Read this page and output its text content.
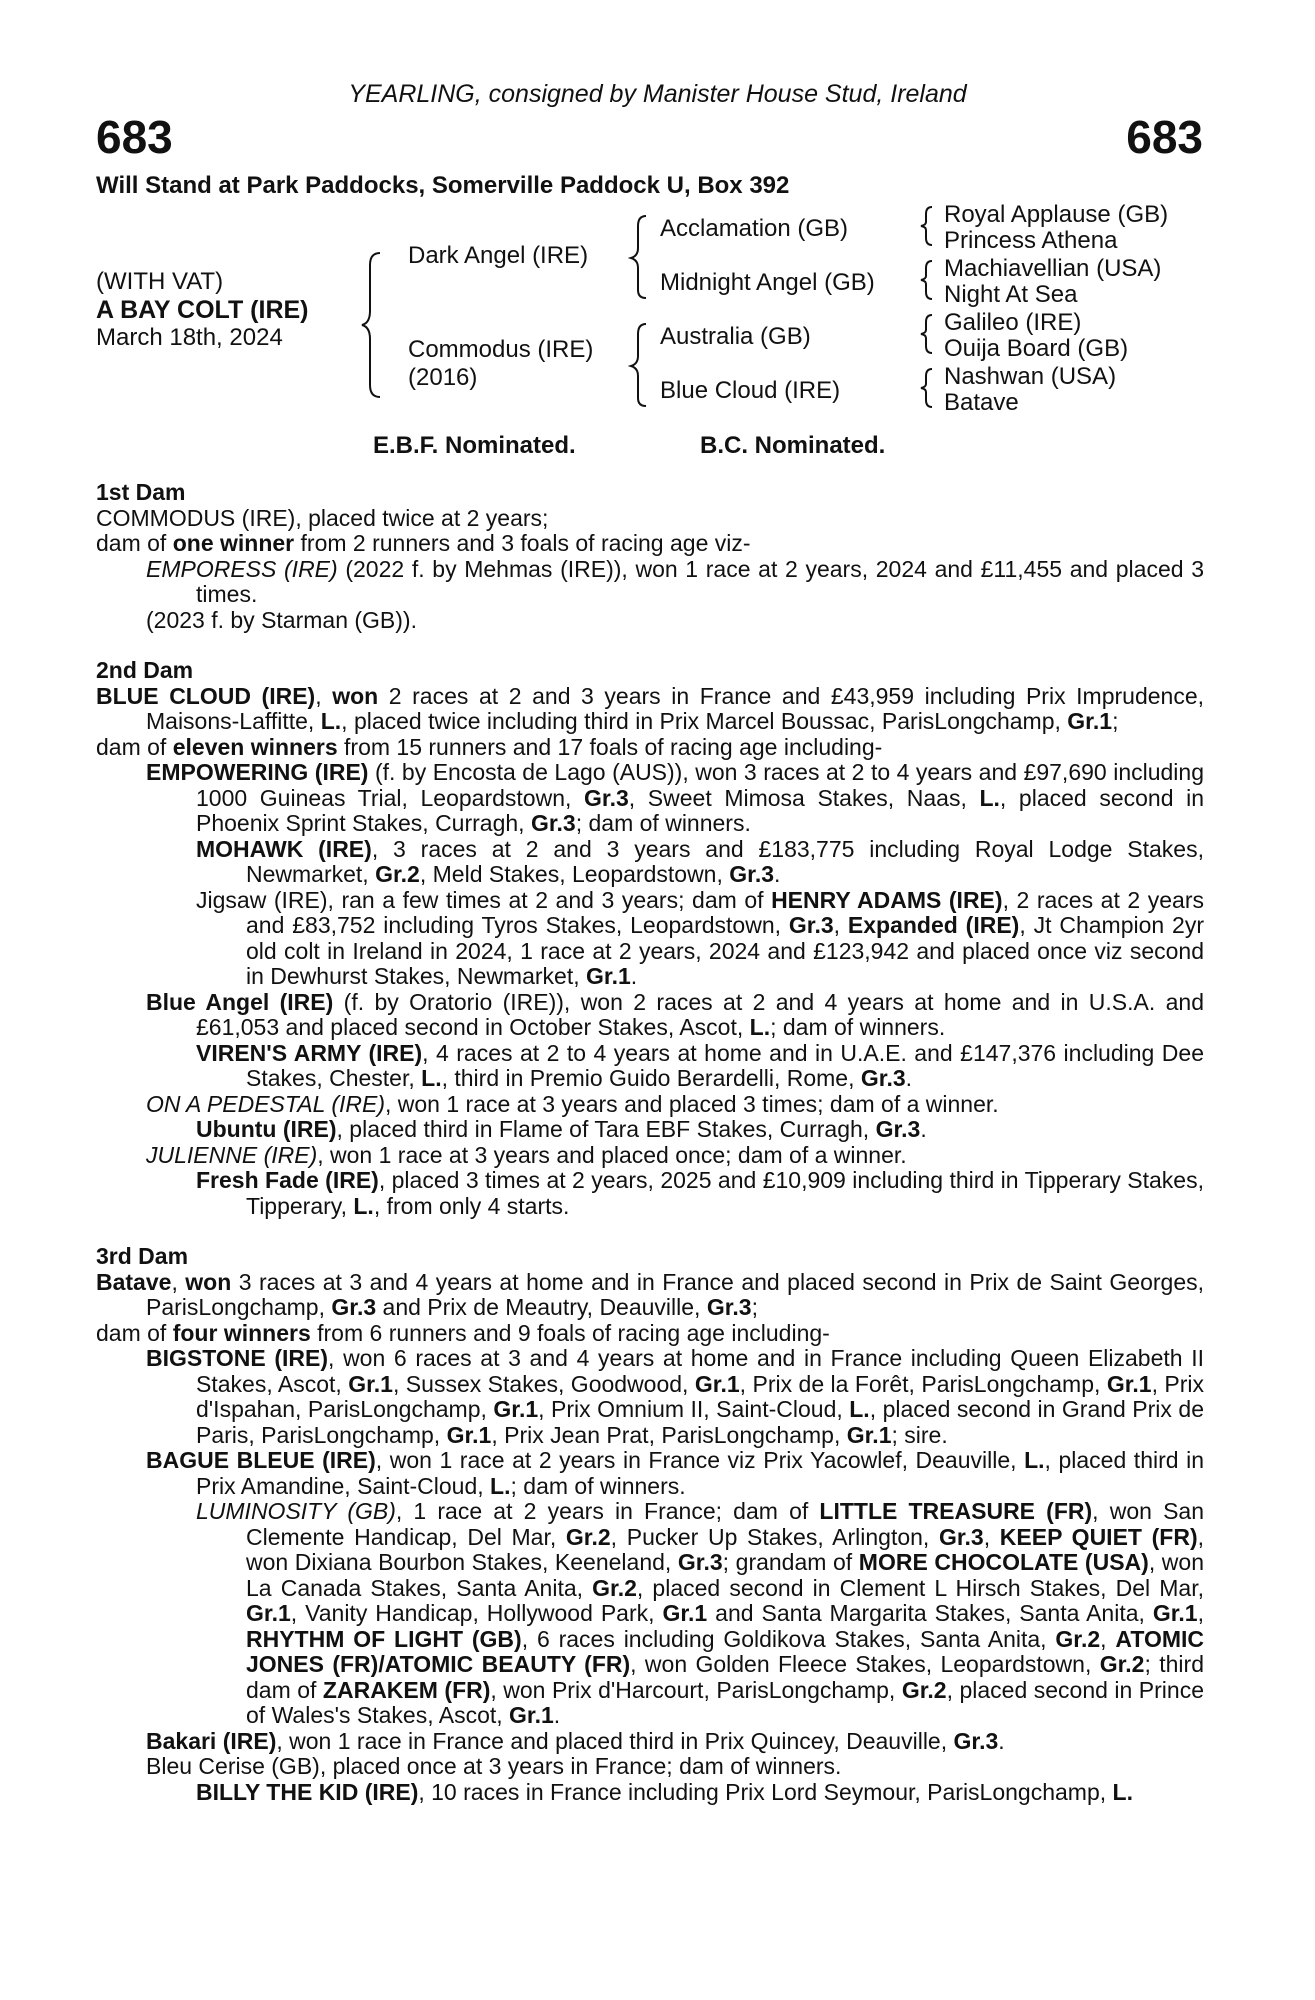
YEARLING, consigned by Manister House Stud, Ireland
683	683
Will Stand at Park Paddocks, Somerville Paddock U, Box 392
(WITH VAT)
A BAY COLT (IRE)
March 18th, 2024
Dark Angel (IRE)
Commodus (IRE)
(2016)
Acclamation (GB)
Midnight Angel (GB)
Australia (GB)
Blue Cloud (IRE)
Royal Applause (GB)
Princess Athena
Machiavellian (USA)
Night At Sea
Galileo (IRE)
Ouija Board (GB)
Nashwan (USA)
Batave
E.B.F. Nominated.	B.C. Nominated.
1st Dam
COMMODUS (IRE), placed twice at 2 years;
dam of one winner from 2 runners and 3 foals of racing age viz-
EMPORESS (IRE) (2022 f. by Mehmas (IRE)), won 1 race at 2 years, 2024 and £11,455 and placed 3 times.
(2023 f. by Starman (GB)).
2nd Dam
BLUE CLOUD (IRE), won 2 races at 2 and 3 years in France and £43,959 including Prix Imprudence, Maisons-Laffitte, L., placed twice including third in Prix Marcel Boussac, ParisLongchamp, Gr.1;
dam of eleven winners from 15 runners and 17 foals of racing age including-
EMPOWERING (IRE) (f. by Encosta de Lago (AUS)), won 3 races at 2 to 4 years and £97,690 including 1000 Guineas Trial, Leopardstown, Gr.3, Sweet Mimosa Stakes, Naas, L., placed second in Phoenix Sprint Stakes, Curragh, Gr.3; dam of winners.
MOHAWK (IRE), 3 races at 2 and 3 years and £183,775 including Royal Lodge Stakes, Newmarket, Gr.2, Meld Stakes, Leopardstown, Gr.3.
Jigsaw (IRE), ran a few times at 2 and 3 years; dam of HENRY ADAMS (IRE), 2 races at 2 years and £83,752 including Tyros Stakes, Leopardstown, Gr.3, Expanded (IRE), Jt Champion 2yr old colt in Ireland in 2024, 1 race at 2 years, 2024 and £123,942 and placed once viz second in Dewhurst Stakes, Newmarket, Gr.1.
Blue Angel (IRE) (f. by Oratorio (IRE)), won 2 races at 2 and 4 years at home and in U.S.A. and £61,053 and placed second in October Stakes, Ascot, L.; dam of winners.
VIREN'S ARMY (IRE), 4 races at 2 to 4 years at home and in U.A.E. and £147,376 including Dee Stakes, Chester, L., third in Premio Guido Berardelli, Rome, Gr.3.
ON A PEDESTAL (IRE), won 1 race at 3 years and placed 3 times; dam of a winner.
Ubuntu (IRE), placed third in Flame of Tara EBF Stakes, Curragh, Gr.3.
JULIENNE (IRE), won 1 race at 3 years and placed once; dam of a winner.
Fresh Fade (IRE), placed 3 times at 2 years, 2025 and £10,909 including third in Tipperary Stakes, Tipperary, L., from only 4 starts.
3rd Dam
Batave, won 3 races at 3 and 4 years at home and in France and placed second in Prix de Saint Georges, ParisLongchamp, Gr.3 and Prix de Meautry, Deauville, Gr.3;
dam of four winners from 6 runners and 9 foals of racing age including-
BIGSTONE (IRE), won 6 races at 3 and 4 years at home and in France including Queen Elizabeth II Stakes, Ascot, Gr.1, Sussex Stakes, Goodwood, Gr.1, Prix de la Forêt, ParisLongchamp, Gr.1, Prix d'Ispahan, ParisLongchamp, Gr.1, Prix Omnium II, Saint-Cloud, L., placed second in Grand Prix de Paris, ParisLongchamp, Gr.1, Prix Jean Prat, ParisLongchamp, Gr.1; sire.
BAGUE BLEUE (IRE), won 1 race at 2 years in France viz Prix Yacowlef, Deauville, L., placed third in Prix Amandine, Saint-Cloud, L.; dam of winners.
LUMINOSITY (GB), 1 race at 2 years in France; dam of LITTLE TREASURE (FR), won San Clemente Handicap, Del Mar, Gr.2, Pucker Up Stakes, Arlington, Gr.3, KEEP QUIET (FR), won Dixiana Bourbon Stakes, Keeneland, Gr.3; grandam of MORE CHOCOLATE (USA), won La Canada Stakes, Santa Anita, Gr.2, placed second in Clement L Hirsch Stakes, Del Mar, Gr.1, Vanity Handicap, Hollywood Park, Gr.1 and Santa Margarita Stakes, Santa Anita, Gr.1, RHYTHM OF LIGHT (GB), 6 races including Goldikova Stakes, Santa Anita, Gr.2, ATOMIC JONES (FR)/ATOMIC BEAUTY (FR), won Golden Fleece Stakes, Leopardstown, Gr.2; third dam of ZARAKEM (FR), won Prix d'Harcourt, ParisLongchamp, Gr.2, placed second in Prince of Wales's Stakes, Ascot, Gr.1.
Bakari (IRE), won 1 race in France and placed third in Prix Quincey, Deauville, Gr.3.
Bleu Cerise (GB), placed once at 3 years in France; dam of winners.
BILLY THE KID (IRE), 10 races in France including Prix Lord Seymour, ParisLongchamp, L.
